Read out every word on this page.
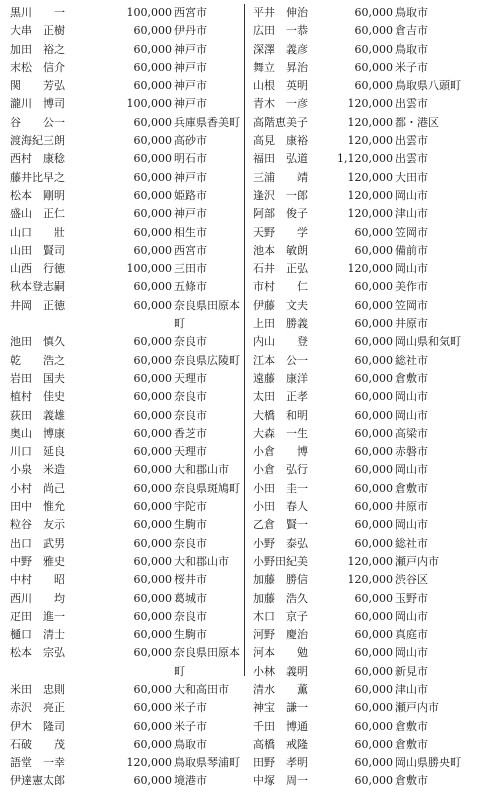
黒川　　一	100,000 西宮市
大串　正樹	60,000 伊丹市
加田　裕之	60,000 神戸市
末松　信介	60,000 神戸市
関　　芳弘	60,000 神戸市
瀧川　博司	100,000 神戸市
谷　　公一	60,000 兵庫県香美町
渡海紀三朗	60,000 高砂市
西村　康稔	60,000 明石市
藤井比早之	60,000 神戸市
松本　剛明	60,000 姫路市
盛山　正仁	60,000 神戸市
山口　　壯	60,000 相生市
山田　賢司	60,000 西宮市
山西　行徳	100,000 三田市
秋本登志嗣	60,000 五條市
井岡　正徳	60,000 奈良県田原本
町
池田　慎久	60,000 奈良市
乾　　浩之	60,000 奈良県広陵町
岩田　国夫	60,000 天理市
植村　佳史	60,000 奈良市
荻田　義雄	60,000 奈良市
奥山　博康	60,000 香芝市
川口　延良	60,000 天理市
小泉　米造	60,000 大和郡山市
小村　尚己	60,000 奈良県斑鳩町
田中　惟允	60,000 宇陀市
粒谷　友示	60,000 生駒市
出口　武男	60,000 奈良市
中野　雅史	60,000 大和郡山市
中村　　昭	60,000 桜井市
西川　　均	60,000 葛城市
疋田　進一	60,000 奈良市
樋口　清士	60,000 生駒市
松本　宗弘	60,000 奈良県田原本
町
米田　忠則	60,000 大和高田市
赤沢　亮正	60,000 米子市
伊木　隆司	60,000 米子市
石破　　茂	60,000 鳥取市
語堂　一幸	120,000 鳥取県琴浦町
伊達憲太郎	60,000 境港市
平井　伸治	60,000 鳥取市
広田　一恭	60,000 倉吉市
深澤　義彦	60,000 鳥取市
舞立　昇治	60,000 米子市
山根　英明	60,000 鳥取県八頭町
青木　一彦	120,000 出雲市
高階恵美子	120,000 都・港区
高見　康裕	120,000 出雲市
福田　弘道	1,120,000 出雲市
三浦　　靖	120,000 大田市
逢沢　一郎	120,000 岡山市
阿部　俊子	120,000 津山市
天野　　学	60,000 笠岡市
池本　敏朗	60,000 備前市
石井　正弘	120,000 岡山市
市村　　仁	60,000 美作市
伊藤　文夫	60,000 笠岡市
上田　勝義	60,000 井原市
内山　　登	60,000 岡山県和気町
江本　公一	60,000 総社市
遠藤　康洋	60,000 倉敷市
太田　正孝	60,000 岡山市
大橋　和明	60,000 岡山市
大森　一生	60,000 高梁市
小倉　　博	60,000 赤磐市
小倉　弘行	60,000 岡山市
小田　圭一	60,000 倉敷市
小田　春人	60,000 井原市
乙倉　賢一	60,000 岡山市
小野　泰弘	60,000 総社市
小野田紀美	120,000 瀬戸内市
加藤　勝信	120,000 渋谷区
加藤　浩久	60,000 玉野市
木口　京子	60,000 岡山市
河野　慶治	60,000 真庭市
河本　　勉	60,000 岡山市
小林　義明	60,000 新見市
清水　　薫	60,000 津山市
神宝　謙一	60,000 瀬戸内市
千田　博通	60,000 倉敷市
高橋　戒隆	60,000 倉敷市
田野　孝明	60,000 岡山県勝央町
中塚　周一	60,000 倉敷市
